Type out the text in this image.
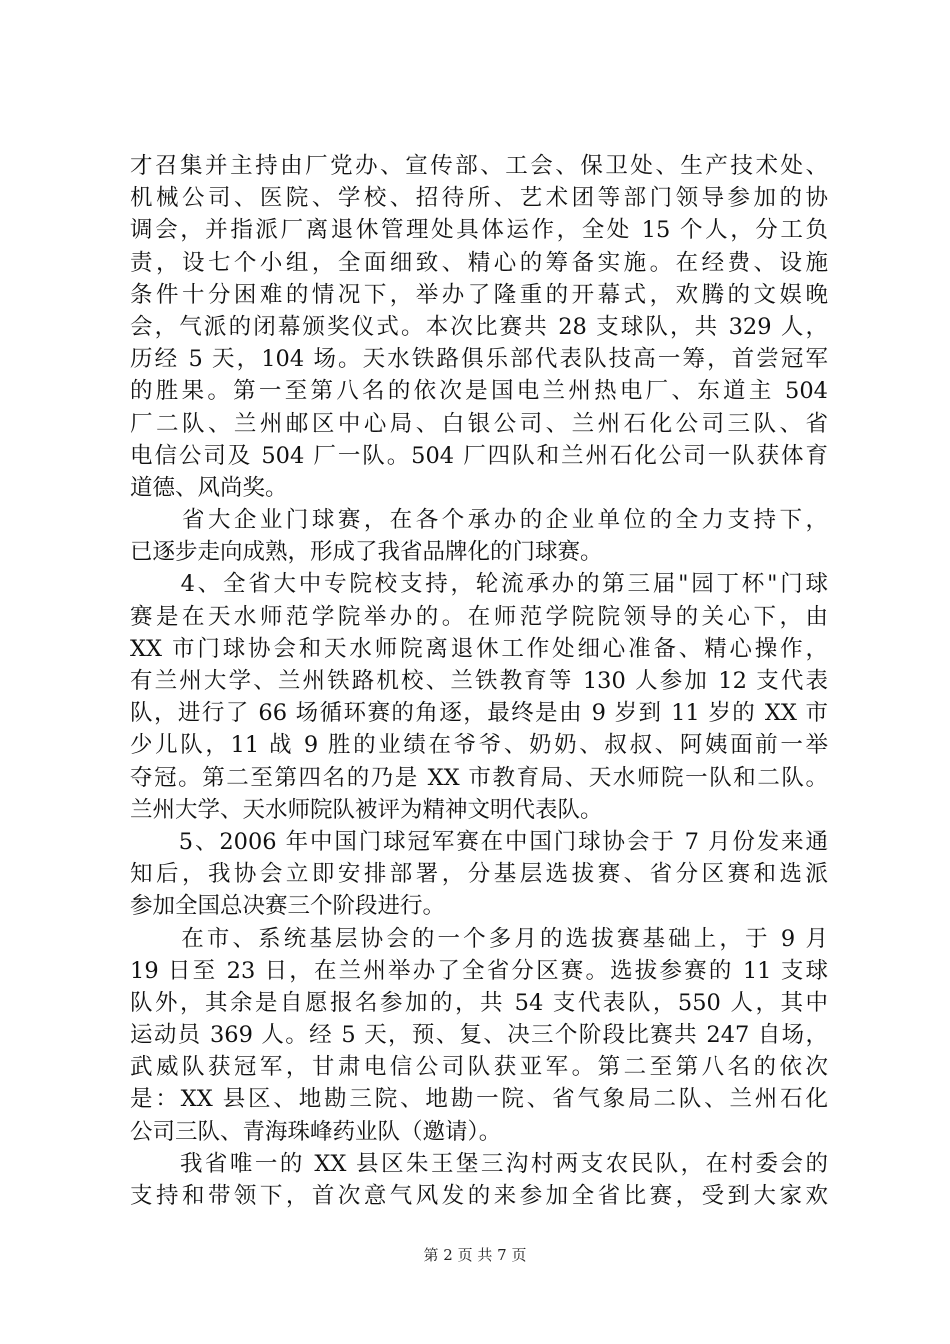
才召集并主持由厂党办、宣传部、工会、保卫处、生产技术处、
机械公司、医院、学校、招待所、艺术团等部门领导参加的协
调会，并指派厂离退休管理处具体运作，全处 15 个人，分工负
责，设七个小组，全面细致、精心的筹备实施。在经费、设施
条件十分困难的情况下，举办了隆重的开幕式，欢腾的文娱晚
会，气派的闭幕颁奖仪式。本次比赛共 28 支球队，共 329 人，
历经 5 天，104 场。天水铁路俱乐部代表队技高一筹，首尝冠军
的胜果。第一至第八名的依次是国电兰州热电厂、东道主 504
厂二队、兰州邮区中心局、白银公司、兰州石化公司三队、省
电信公司及 504 厂一队。504 厂四队和兰州石化公司一队获体育
道德、风尚奖。
　　省大企业门球赛，在各个承办的企业单位的全力支持下，
已逐步走向成熟，形成了我省品牌化的门球赛。
　　4、全省大中专院校支持，轮流承办的第三届"园丁杯"门球
赛是在天水师范学院举办的。在师范学院院领导的关心下，由
XX 市门球协会和天水师院离退休工作处细心准备、精心操作，
有兰州大学、兰州铁路机校、兰铁教育等 130 人参加 12 支代表
队，进行了 66 场循环赛的角逐，最终是由 9 岁到 11 岁的 XX 市
少儿队，11 战 9 胜的业绩在爷爷、奶奶、叔叔、阿姨面前一举
夺冠。第二至第四名的乃是 XX 市教育局、天水师院一队和二队。
兰州大学、天水师院队被评为精神文明代表队。
　　5、2006 年中国门球冠军赛在中国门球协会于 7 月份发来通
知后，我协会立即安排部署，分基层选拔赛、省分区赛和选派
参加全国总决赛三个阶段进行。
　　在市、系统基层协会的一个多月的选拔赛基础上，于 9 月
19 日至 23 日，在兰州举办了全省分区赛。选拔参赛的 11 支球
队外，其余是自愿报名参加的，共 54 支代表队，550 人，其中
运动员 369 人。经 5 天，预、复、决三个阶段比赛共 247 自场，
武威队获冠军，甘肃电信公司队获亚军。第二至第八名的依次
是：XX 县区、地勘三院、地勘一院、省气象局二队、兰州石化
公司三队、青海珠峰药业队（邀请）。
　　我省唯一的 XX 县区朱王堡三沟村两支农民队，在村委会的
支持和带领下，首次意气风发的来参加全省比赛，受到大家欢
第 2 页 共 7 页
